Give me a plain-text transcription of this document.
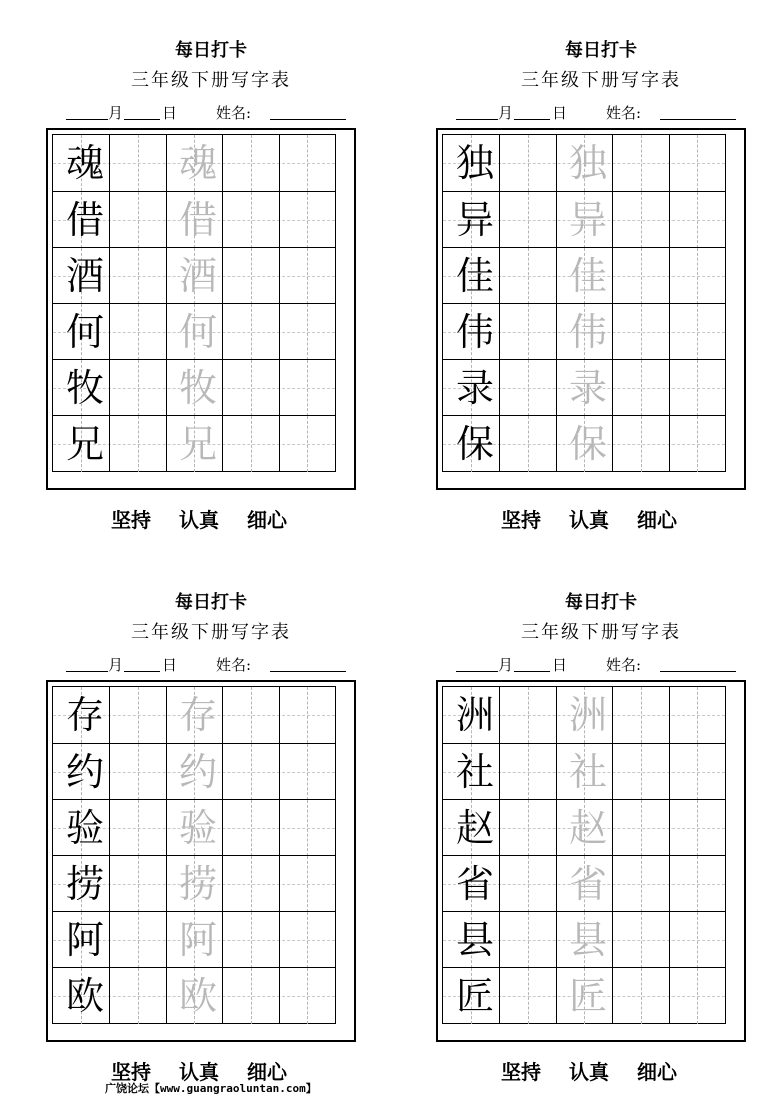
每日打卡
三年级下册写字表
月	日	姓名:
魂 魂
借 借
酒 酒
何 何
牧 牧
兄 兄
坚持 认真 细心
每日打卡
三年级下册写字表
月	日	姓名:
独 独
异 异
佳 佳
伟 伟
录 录
保 保
坚持 认真 细心
每日打卡
三年级下册写字表
月	日	姓名:
存 存
约 约
验 验
捞 捞
阿 阿
欧 欧
坚持 认真 细心
每日打卡
三年级下册写字表
月	日	姓名:
洲 洲
社 社
赵 赵
省 省
县 县
匠 匠
坚持 认真 细心
广饶论坛【www.guangraoluntan.com】
